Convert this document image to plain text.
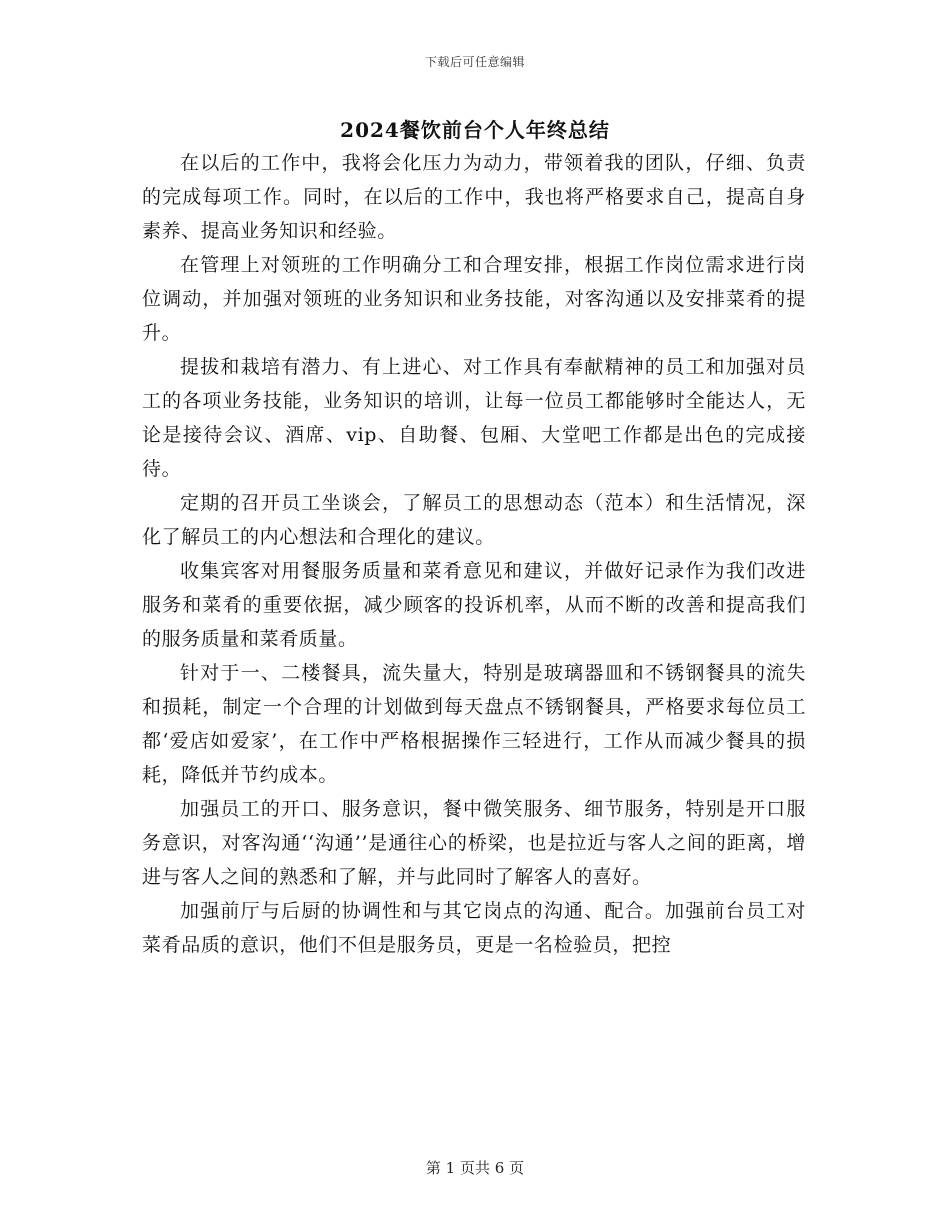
下载后可任意编辑
2024餐饮前台个人年终总结

在以后的工作中，我将会化压力为动力，带领着我的团队，仔细、负责的完成每项工作。同时，在以后的工作中，我也将严格要求自己，提高自身素养、提高业务知识和经验。

在管理上对领班的工作明确分工和合理安排，根据工作岗位需求进行岗位调动，并加强对领班的业务知识和业务技能，对客沟通以及安排菜肴的提升。

提拔和栽培有潜力、有上进心、对工作具有奉献精神的员工和加强对员工的各项业务技能，业务知识的培训，让每一位员工都能够时全能达人，无论是接待会议、酒席、vip、自助餐、包厢、大堂吧工作都是出色的完成接待。

定期的召开员工坐谈会，了解员工的思想动态（范本）和生活情况，深化了解员工的内心想法和合理化的建议。

收集宾客对用餐服务质量和菜肴意见和建议，并做好记录作为我们改进服务和菜肴的重要依据，减少顾客的投诉机率，从而不断的改善和提高我们的服务质量和菜肴质量。

针对于一、二楼餐具，流失量大，特别是玻璃器皿和不锈钢餐具的流失和损耗，制定一个合理的计划做到每天盘点不锈钢餐具，严格要求每位员工都‘爱店如爱家’，在工作中严格根据操作三轻进行，工作从而减少餐具的损耗，降低并节约成本。

加强员工的开口、服务意识，餐中微笑服务、细节服务，特别是开口服务意识，对客沟通‘‘沟通’’是通往心的桥梁，也是拉近与客人之间的距离，增进与客人之间的熟悉和了解，并与此同时了解客人的喜好。

加强前厅与后厨的协调性和与其它岗点的沟通、配合。加强前台员工对菜肴品质的意识，他们不但是服务员，更是一名检验员，把控

第 1 页共 6 页
